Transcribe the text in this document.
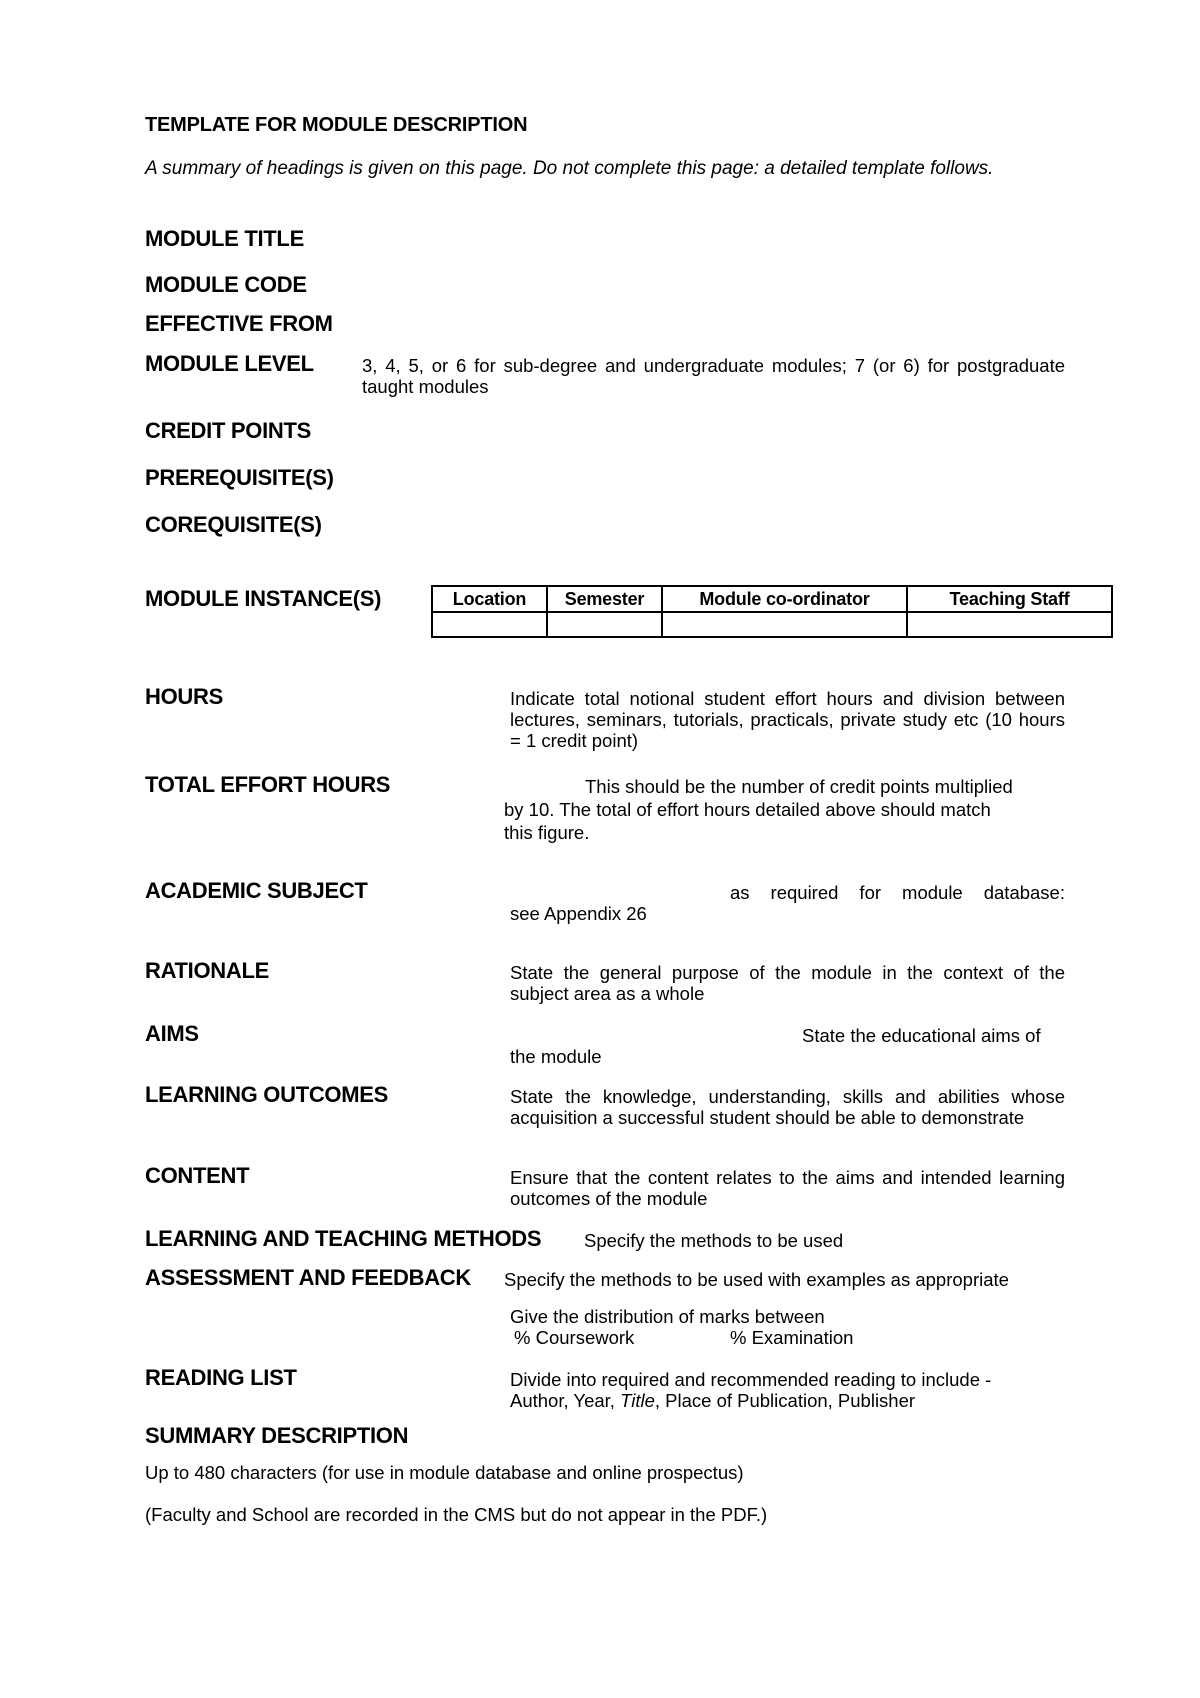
TEMPLATE FOR MODULE DESCRIPTION
A summary of headings is given on this page. Do not complete this page: a detailed template follows.
MODULE TITLE
MODULE CODE
EFFECTIVE FROM
MODULE LEVEL	3, 4, 5, or 6 for sub-degree and undergraduate modules; 7 (or 6) for postgraduate taught modules
CREDIT POINTS
PREREQUISITE(S)
COREQUISITE(S)
MODULE INSTANCE(S)	Location	Semester	Module co-ordinator	Teaching Staff

HOURS	Indicate total notional student effort hours and division between lectures, seminars, tutorials, practicals, private study etc (10 hours = 1 credit point)
TOTAL EFFORT HOURS	This should be the number of credit points multiplied
by 10. The total of effort hours detailed above should match
this figure.
ACADEMIC SUBJECT	as required for module database:
see Appendix 26
RATIONALE	State the general purpose of the module in the context of the subject area as a whole
AIMS	State the educational aims of
the module
LEARNING OUTCOMES	State the knowledge, understanding, skills and abilities whose acquisition a successful student should be able to demonstrate
CONTENT	Ensure that the content relates to the aims and intended learning outcomes of the module
LEARNING AND TEACHING METHODS Specify the methods to be used
ASSESSMENT AND FEEDBACK Specify the methods to be used with examples as appropriate
Give the distribution of marks between
% Coursework	% Examination
READING LIST	Divide into required and recommended reading to include -
Author, Year, Title, Place of Publication, Publisher
SUMMARY DESCRIPTION
Up to 480 characters (for use in module database and online prospectus)
(Faculty and School are recorded in the CMS but do not appear in the PDF.)
